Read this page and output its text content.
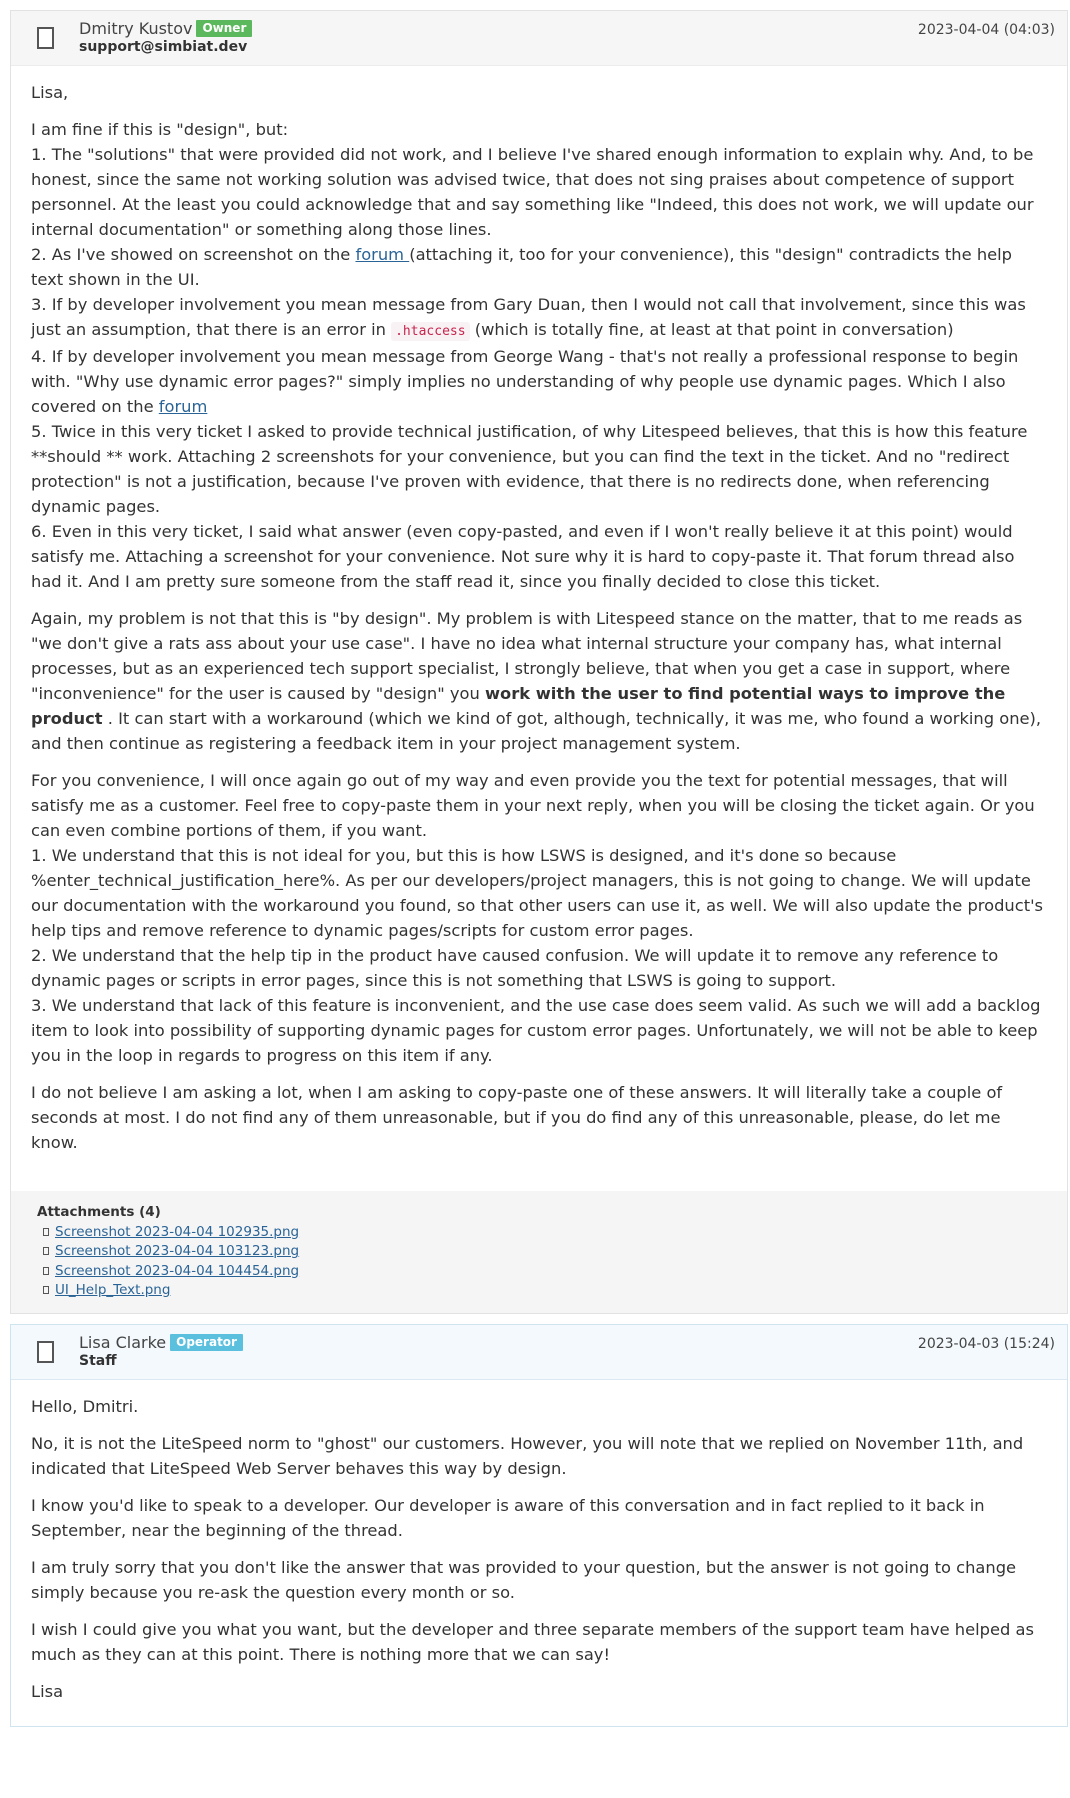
Dmitry Kustov Owner
support@simbiat.dev
2023-04-04 (04:03)

Lisa,

I am fine if this is "design", but:
1. The "solutions" that were provided did not work, and I believe I've shared enough information to explain why. And, to be honest, since the same not working solution was advised twice, that does not sing praises about competence of support personnel. At the least you could acknowledge that and say something like "Indeed, this does not work, we will update our internal documentation" or something along those lines.
2. As I've showed on screenshot on the forum (attaching it, too for your convenience), this "design" contradicts the help text shown in the UI.
3. If by developer involvement you mean message from Gary Duan, then I would not call that involvement, since this was just an assumption, that there is an error in .htaccess (which is totally fine, at least at that point in conversation)
4. If by developer involvement you mean message from George Wang - that's not really a professional response to begin with. "Why use dynamic error pages?" simply implies no understanding of why people use dynamic pages. Which I also covered on the forum
5. Twice in this very ticket I asked to provide technical justification, of why Litespeed believes, that this is how this feature **should ** work. Attaching 2 screenshots for your convenience, but you can find the text in the ticket. And no "redirect protection" is not a justification, because I've proven with evidence, that there is no redirects done, when referencing dynamic pages.
6. Even in this very ticket, I said what answer (even copy-pasted, and even if I won't really believe it at this point) would satisfy me. Attaching a screenshot for your convenience. Not sure why it is hard to copy-paste it. That forum thread also had it. And I am pretty sure someone from the staff read it, since you finally decided to close this ticket.

Again, my problem is not that this is "by design". My problem is with Litespeed stance on the matter, that to me reads as "we don't give a rats ass about your use case". I have no idea what internal structure your company has, what internal processes, but as an experienced tech support specialist, I strongly believe, that when you get a case in support, where "inconvenience" for the user is caused by "design" you work with the user to find potential ways to improve the product . It can start with a workaround (which we kind of got, although, technically, it was me, who found a working one), and then continue as registering a feedback item in your project management system.

For you convenience, I will once again go out of my way and even provide you the text for potential messages, that will satisfy me as a customer. Feel free to copy-paste them in your next reply, when you will be closing the ticket again. Or you can even combine portions of them, if you want.
1. We understand that this is not ideal for you, but this is how LSWS is designed, and it's done so because %enter_technical_justification_here%. As per our developers/project managers, this is not going to change. We will update our documentation with the workaround you found, so that other users can use it, as well. We will also update the product's help tips and remove reference to dynamic pages/scripts for custom error pages.
2. We understand that the help tip in the product have caused confusion. We will update it to remove any reference to dynamic pages or scripts in error pages, since this is not something that LSWS is going to support.
3. We understand that lack of this feature is inconvenient, and the use case does seem valid. As such we will add a backlog item to look into possibility of supporting dynamic pages for custom error pages. Unfortunately, we will not be able to keep you in the loop in regards to progress on this item if any.

I do not believe I am asking a lot, when I am asking to copy-paste one of these answers. It will literally take a couple of seconds at most. I do not find any of them unreasonable, but if you do find any of this unreasonable, please, do let me know.

Attachments (4)
Screenshot 2023-04-04 102935.png
Screenshot 2023-04-04 103123.png
Screenshot 2023-04-04 104454.png
UI_Help_Text.png
Lisa Clarke Operator
Staff
2023-04-03 (15:24)

Hello, Dmitri.

No, it is not the LiteSpeed norm to "ghost" our customers. However, you will note that we replied on November 11th, and indicated that LiteSpeed Web Server behaves this way by design.

I know you'd like to speak to a developer. Our developer is aware of this conversation and in fact replied to it back in September, near the beginning of the thread.

I am truly sorry that you don't like the answer that was provided to your question, but the answer is not going to change simply because you re-ask the question every month or so.

I wish I could give you what you want, but the developer and three separate members of the support team have helped as much as they can at this point. There is nothing more that we can say!

Lisa
